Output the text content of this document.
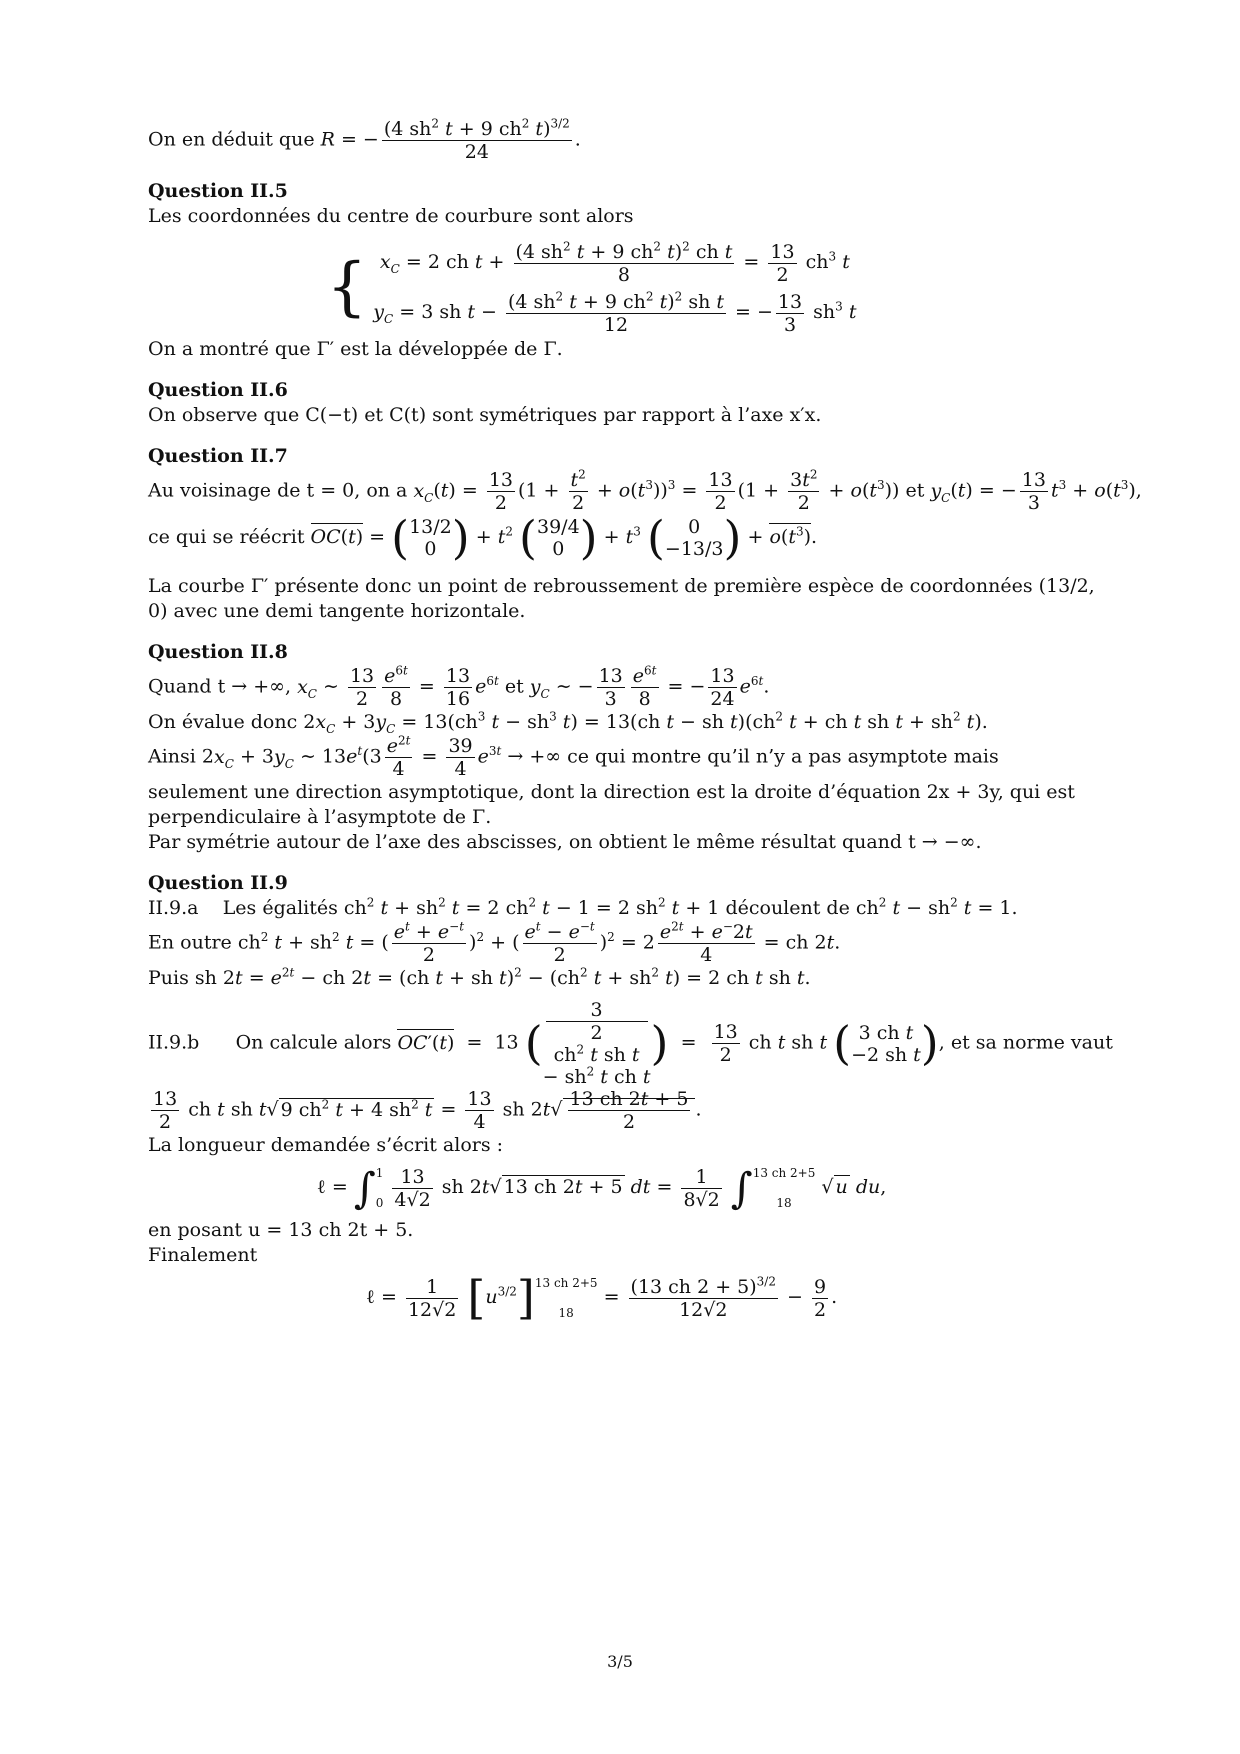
On en déduit que R = − $\frac{(4 sh^2 t + 9 ch^2 t)^{3/2}}{24}$ .
Question II.5
Les coordonnées du centre de courbure sont alors
{ $x_C = 2$ ch $t + \frac{(4 sh^2 t + 9 ch^2 t)^2 ch t}{8} = \frac{13}{2} ch^3$ t
$y_C = 3$ sh $t - \frac{(4 sh^2 t + 9 ch^2 t)^2 sh t}{12}$ = − $\frac{13}{3} sh^3$ t
On a montré que Γ′ est la développée de Γ.
Question II.6
On observe que C(−t) et C(t) sont symétriques par rapport à l’axe x′x.
Question II.7
Au voisinage de t = 0, on a $x_C(t) = \frac{13}{2} (1 + \frac{t^2}{2} + o(t^3))^3 = \frac{13}{2} (1 + \frac{3t^2}{2} + o(t^3))$ et $y_C(t)$ = − $\frac{13}{3} t^3 + o(t^3)$,
ce qui se réécrit OC(t) = ( 13/2
0 ) + $t^2$ ( 39/4
0 ) + $t^3$ (	0
−13/3 ) + $o(t^3)$.
La courbe Γ′ présente donc un point de rebroussement de première espèce de coordonnées (13/2, 0) avec une demi tangente horizontale.
Question II.8
Quand t → +∞, $x_C$ ∼ $\frac{13}{2} \frac{e^{6t}}{8} = \frac{13}{16} e^{6t}$ et $y_C$ ∼ − $\frac{13}{3} \frac{e^{6t}}{8}$ = − $\frac{13}{24} e^{6t}$.
On évalue donc $2x_C + 3y_C = 13(ch^3$ $t - sh^3$ t) = 13(ch t − sh $t)(ch^2$ t + ch t sh $t + sh^2$ t).
Ainsi $2x_C + 3y_C$ ∼ $13e^t(3 \frac{e^{2t}}{4} = \frac{39}{4} e^{3t}$ → +∞ ce qui montre qu’il n’y a pas asymptote mais seulement une direction asymptotique, dont la direction est la droite d’équation 2x + 3y, qui est perpendiculaire à l’asymptote de Γ.
Par symétrie autour de l’axe des abscisses, on obtient le même résultat quand t → −∞.
Question II.9
II.9.a Les égalités $ch^2$ $t + sh^2$ t = 2 $ch^2$ t − 1 = 2 $sh^2$ t + 1 découlent de $ch^2$ $t - sh^2$ t = 1.
En outre $ch^2$ $t + sh^2$ t = ( $\frac{e^t + e^{-t}}{2} )^2$ + ( $\frac{e^t - e^{-t}}{2} )^2 = 2 \frac{e^{2t} + e^-2t}{4}$ = ch 2t.
Puis sh $2t = e^{2t}$ − ch 2t = (ch t + sh $t)^2 - (ch^2$ $t + sh^2$ t) = 2 ch t sh t.
II.9.b On calcule alors OC′(t)  =  13 (
3
2
$ch^2$ t sh t
− $sh^2$ t ch t
)  = $\frac{13}{2}$ ch t sh t ( 3 ch t
−2 sh t ), et sa norme vaut
$\frac{13}{2}$ ch t sh t√ 9 $ch^2$ t + 4 $sh^2$ $t = \frac{13}{4}$ sh $2t√ \frac{13 ch 2t + 5}{2}$ .
La longueur demandée s’écrit alors :
ℓ = ∫ 1
0
$\frac{13}{4√2}$ sh 2t√ 13 ch 2t + 5 dt = $\frac{1}{8√2}$ ∫ 13 ch 2+5
18
√ u du,
en posant u = 13 ch 2t + 5.
Finalement
ℓ = $\frac{1}{12√2} [u^{3/2}]$ 13 ch 2+5
18
= $\frac{(13 ch 2 + 5)^{3/2}}{12√2} - \frac{9}{2}$ .
3/5
